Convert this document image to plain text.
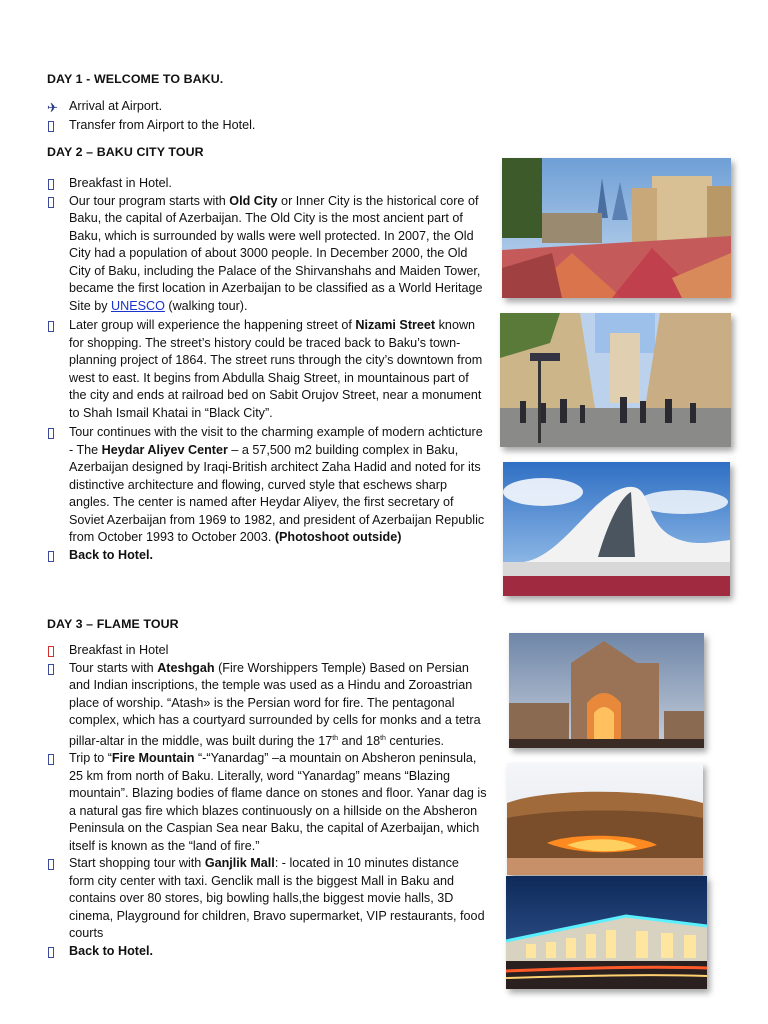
DAY 1 - WELCOME TO BAKU.
✈ Arrival at Airport.
Transfer from Airport to the Hotel.
DAY 2 – BAKU CITY TOUR
Breakfast in Hotel.
Our tour program starts with Old City or Inner City is the historical core of Baku, the capital of Azerbaijan. The Old City is the most ancient part of Baku, which is surrounded by walls were well protected. In 2007, the Old City had a population of about 3000 people. In December 2000, the Old City of Baku, including the Palace of the Shirvanshahs and Maiden Tower, became the first location in Azerbaijan to be classified as a World Heritage Site by UNESCO (walking tour).
Later group will experience the happening street of Nizami Street known for shopping. The street’s history could be traced back to Baku’s town-planning project of 1864. The street runs through the city’s downtown from west to east. It begins from Abdulla Shaig Street, in mountainous part of the city and ends at railroad bed on Sabit Orujov Street, near a monument to Shah Ismail Khatai in “Black City”.
Tour continues with the visit to the charming example of modern achticture - The Heydar Aliyev Center – a 57,500 m2 building complex in Baku, Azerbaijan designed by Iraqi-British architect Zaha Hadid and noted for its distinctive architecture and flowing, curved style that eschews sharp angles. The center is named after Heydar Aliyev, the first secretary of Soviet Azerbaijan from 1969 to 1982, and president of Azerbaijan Republic from October 1993 to October 2003. (Photoshoot outside)
Back to Hotel.
DAY 3 – FLAME TOUR
Breakfast in Hotel
Tour starts with Ateshgah (Fire Worshippers Temple) Based on Persian and Indian inscriptions, the temple was used as a Hindu and Zoroastrian place of worship. “Atash» is the Persian word for fire. The pentagonal complex, which has a courtyard surrounded by cells for monks and a tetra pillar-altar in the middle, was built during the 17th and 18th centuries.
Trip to “Fire Mountain “-“Yanardag” –a mountain on Absheron peninsula, 25 km from north of Baku. Literally, word “Yanardag” means “Blazing mountain”. Blazing bodies of flame dance on stones and floor. Yanar dag is a natural gas fire which blazes continuously on a hillside on the Absheron Peninsula on the Caspian Sea near Baku, the capital of Azerbaijan, which itself is known as the “land of fire.”
Start shopping tour with Ganjlik Mall: - located in 10 minutes distance form city center with taxi. Genclik mall is the biggest Mall in Baku and contains over 80 stores, big bowling halls,the biggest movie halls, 3D cinema, Playground for children, Bravo supermarket, VIP restaurants, food courts
Back to Hotel.
